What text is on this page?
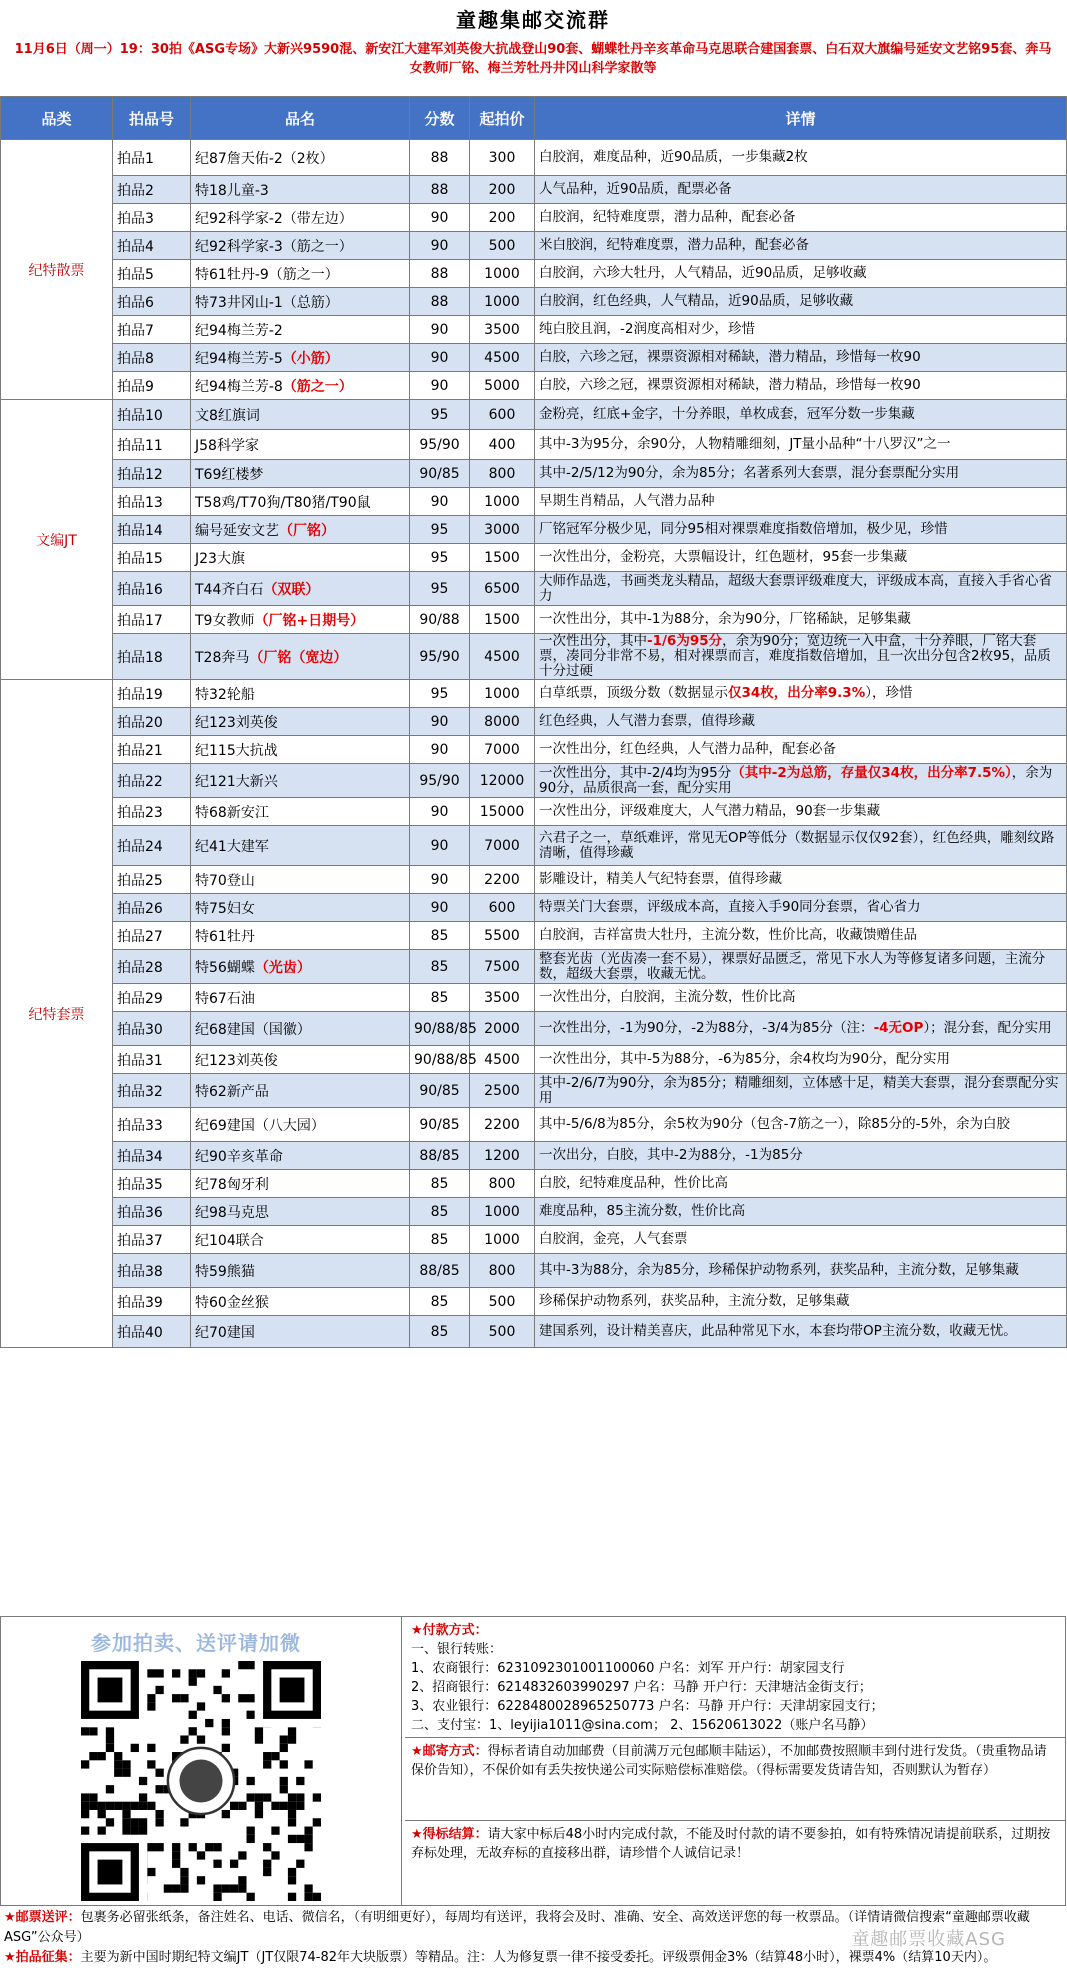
童趣集邮交流群
11月6日（周一）19：30拍《ASG专场》大新兴9590混、新安江大建军刘英俊大抗战登山90套、蝴蝶牡丹辛亥革命马克思联合建国套票、白石双大旗编号延安文艺铭95套、奔马女教师厂铭、梅兰芳牡丹井冈山科学家散等
品类	拍品号	品名	分数	起拍价	详情
纪特散票	拍品1	纪87詹天佑-2（2枚）	88	300	白胶润，难度品种，近90品质，一步集藏2枚
	拍品2	特18儿童-3	88	200	人气品种，近90品质，配票必备
	拍品3	纪92科学家-2（带左边）	90	200	白胶润，纪特难度票，潜力品种，配套必备
	拍品4	纪92科学家-3（筋之一）	90	500	米白胶润，纪特难度票，潜力品种，配套必备
	拍品5	特61牡丹-9（筋之一）	88	1000	白胶润，六珍大牡丹，人气精品，近90品质，足够收藏
	拍品6	特73井冈山-1（总筋）	88	1000	白胶润，红色经典，人气精品，近90品质，足够收藏
	拍品7	纪94梅兰芳-2	90	3500	纯白胶且润，-2润度高相对少，珍惜
	拍品8	纪94梅兰芳-5（小筋）	90	4500	白胶，六珍之冠，裸票资源相对稀缺，潜力精品，珍惜每一枚90
	拍品9	纪94梅兰芳-8（筋之一）	90	5000	白胶，六珍之冠，裸票资源相对稀缺，潜力精品，珍惜每一枚90
文编JT	拍品10	文8红旗词	95	600	金粉亮，红底+金字，十分养眼，单枚成套，冠军分数一步集藏
	拍品11	J58科学家	95/90	400	其中-3为95分，余90分，人物精雕细刻，JT量小品种“十八罗汉”之一
	拍品12	T69红楼梦	90/85	800	其中-2/5/12为90分，余为85分；名著系列大套票，混分套票配分实用
	拍品13	T58鸡/T70狗/T80猪/T90鼠	90	1000	早期生肖精品，人气潜力品种
	拍品14	编号延安文艺（厂铭）	95	3000	厂铭冠军分极少见，同分95相对裸票难度指数倍增加，极少见，珍惜
	拍品15	J23大旗	95	1500	一次性出分，金粉亮，大票幅设计，红色题材，95套一步集藏
	拍品16	T44齐白石（双联）	95	6500	大师作品选，书画类龙头精品，超级大套票评级难度大，评级成本高，直接入手省心省力
	拍品17	T9女教师（厂铭+日期号）	90/88	1500	一次性出分，其中-1为88分，余为90分，厂铭稀缺，足够集藏
	拍品18	T28奔马（厂铭（宽边）	95/90	4500	一次性出分，其中-1/6为95分，余为90分；宽边统一入中盒，十分养眼，厂铭大套票，凑同分非常不易，相对裸票而言，难度指数倍增加，且一次出分包含2枚95，品质十分过硬
纪特套票	拍品19	特32轮船	95	1000	白草纸票，顶级分数（数据显示仅34枚，出分率9.3%），珍惜
	拍品20	纪123刘英俊	90	8000	红色经典，人气潜力套票，值得珍藏
	拍品21	纪115大抗战	90	7000	一次性出分，红色经典，人气潜力品种，配套必备
	拍品22	纪121大新兴	95/90	12000	一次性出分，其中-2/4均为95分（其中-2为总筋，存量仅34枚，出分率7.5%），余为90分，品质很高一套，配分实用
	拍品23	特68新安江	90	15000	一次性出分，评级难度大，人气潜力精品，90套一步集藏
	拍品24	纪41大建军	90	7000	六君子之一，草纸难评，常见无OP等低分（数据显示仅仅92套），红色经典，雕刻纹路清晰，值得珍藏
	拍品25	特70登山	90	2200	影雕设计，精美人气纪特套票，值得珍藏
	拍品26	特75妇女	90	600	特票关门大套票，评级成本高，直接入手90同分套票，省心省力
	拍品27	特61牡丹	85	5500	白胶润，吉祥富贵大牡丹，主流分数，性价比高，收藏馈赠佳品
	拍品28	特56蝴蝶（光齿）	85	7500	整套光齿（光齿凑一套不易），裸票好品匮乏，常见下水人为等修复诸多问题，主流分数，超级大套票，收藏无忧。
	拍品29	特67石油	85	3500	一次性出分，白胶润，主流分数，性价比高
	拍品30	纪68建国（国徽）	90/88/85	2000	一次性出分，-1为90分，-2为88分，-3/4为85分（注：-4无OP）；混分套，配分实用
	拍品31	纪123刘英俊	90/88/85	4500	一次性出分，其中-5为88分，-6为85分，余4枚均为90分，配分实用
	拍品32	特62新产品	90/85	2500	其中-2/6/7为90分，余为85分；精雕细刻，立体感十足，精美大套票，混分套票配分实用
	拍品33	纪69建国（八大园）	90/85	2200	其中-5/6/8为85分，余5枚为90分（包含-7筋之一），除85分的-5外，余为白胶
	拍品34	纪90辛亥革命	88/85	1200	一次出分，白胶，其中-2为88分，-1为85分
	拍品35	纪78匈牙利	85	800	白胶，纪特难度品种，性价比高
	拍品36	纪98马克思	85	1000	难度品种，85主流分数，性价比高
	拍品37	纪104联合	85	1000	白胶润，金亮，人气套票
	拍品38	特59熊猫	88/85	800	其中-3为88分，余为85分，珍稀保护动物系列，获奖品种，主流分数，足够集藏
	拍品39	特60金丝猴	85	500	珍稀保护动物系列，获奖品种，主流分数，足够集藏
	拍品40	纪70建国	85	500	建国系列，设计精美喜庆，此品种常见下水，本套均带OP主流分数，收藏无忧。
参加拍卖、送评请加微
★付款方式：
一、银行转账：
1、农商银行：6231092301001100060 户名：刘军 开户行：胡家园支行
2、招商银行：6214832603990297 户名：马静 开户行：天津塘沽金街支行；
3、农业银行：6228480028965250773 户名：马静 开户行：天津胡家园支行；
二、支付宝：1、leyijia1011@sina.com； 2、15620613022（账户名马静）
★邮寄方式：得标者请自动加邮费（目前满万元包邮顺丰陆运），不加邮费按照顺丰到付进行发货。（贵重物品请保价告知），不保价如有丢失按快递公司实际赔偿标准赔偿。（得标需要发货请告知，否则默认为暂存）
★得标结算：请大家中标后48小时内完成付款，不能及时付款的请不要参拍，如有特殊情况请提前联系，过期按弃标处理，无故弃标的直接移出群，请珍惜个人诚信记录！
★邮票送评：包裹务必留张纸条，备注姓名、电话、微信名，（有明细更好），每周均有送评，我将会及时、准确、安全、高效送评您的每一枚票品。（详情请微信搜索“童趣邮票收藏ASG”公众号）
★拍品征集：主要为新中国时期纪特文编JT（JT仅限74-82年大块版票）等精品。注：人为修复票一律不接受委托。评级票佣金3%（结算48小时），裸票4%（结算10天内）。
童趣邮票收藏ASG
